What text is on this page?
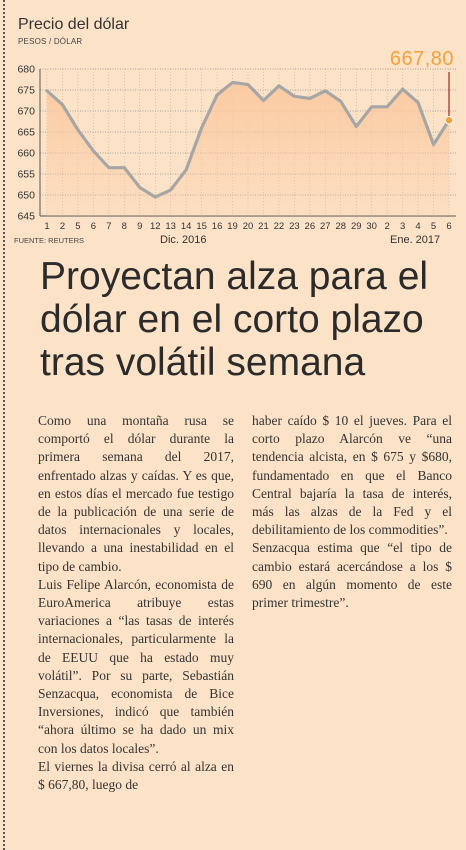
Precio del dólar
PESOS / DÓLAR
667,80
645
650
655
660
665
670
675
680
1 2 5 6 7 8 9 12 13 14 15 16 19 20 21 22 23 26 27 28 29 30 2 3 4 5 6
FUENTE: REUTERS	Dic. 2016	Ene. 2017
Proyectan alza para el dólar en el corto plazo tras volátil semana

Como una montaña rusa se comportó el dólar durante la primera semana del 2017, enfrentado alzas y caídas. Y es que, en estos días el mercado fue testigo de la publicación de una serie de datos internacionales y locales, llevando a una inestabilidad en el tipo de cambio.

Luis Felipe Alarcón, economista de EuroAmerica atribuye estas variaciones a “las tasas de interés internacionales, particularmente la de EEUU que ha estado muy volátil”. Por su parte, Sebastián Senzacqua, economista de Bice Inversiones, indicó que también “ahora último se ha dado un mix con los datos locales”.

El viernes la divisa cerró al alza en $ 667,80, luego de

haber caído $ 10 el jueves. Para el corto plazo Alarcón ve “una tendencia alcista, en $ 675 y $680, fundamentado en que el Banco Central bajaría la tasa de interés, más las alzas de la Fed y el debilitamiento de los commodities”.

Senzacqua estima que “el tipo de cambio estará acercándose a los $ 690 en algún momento de este primer trimestre”.
